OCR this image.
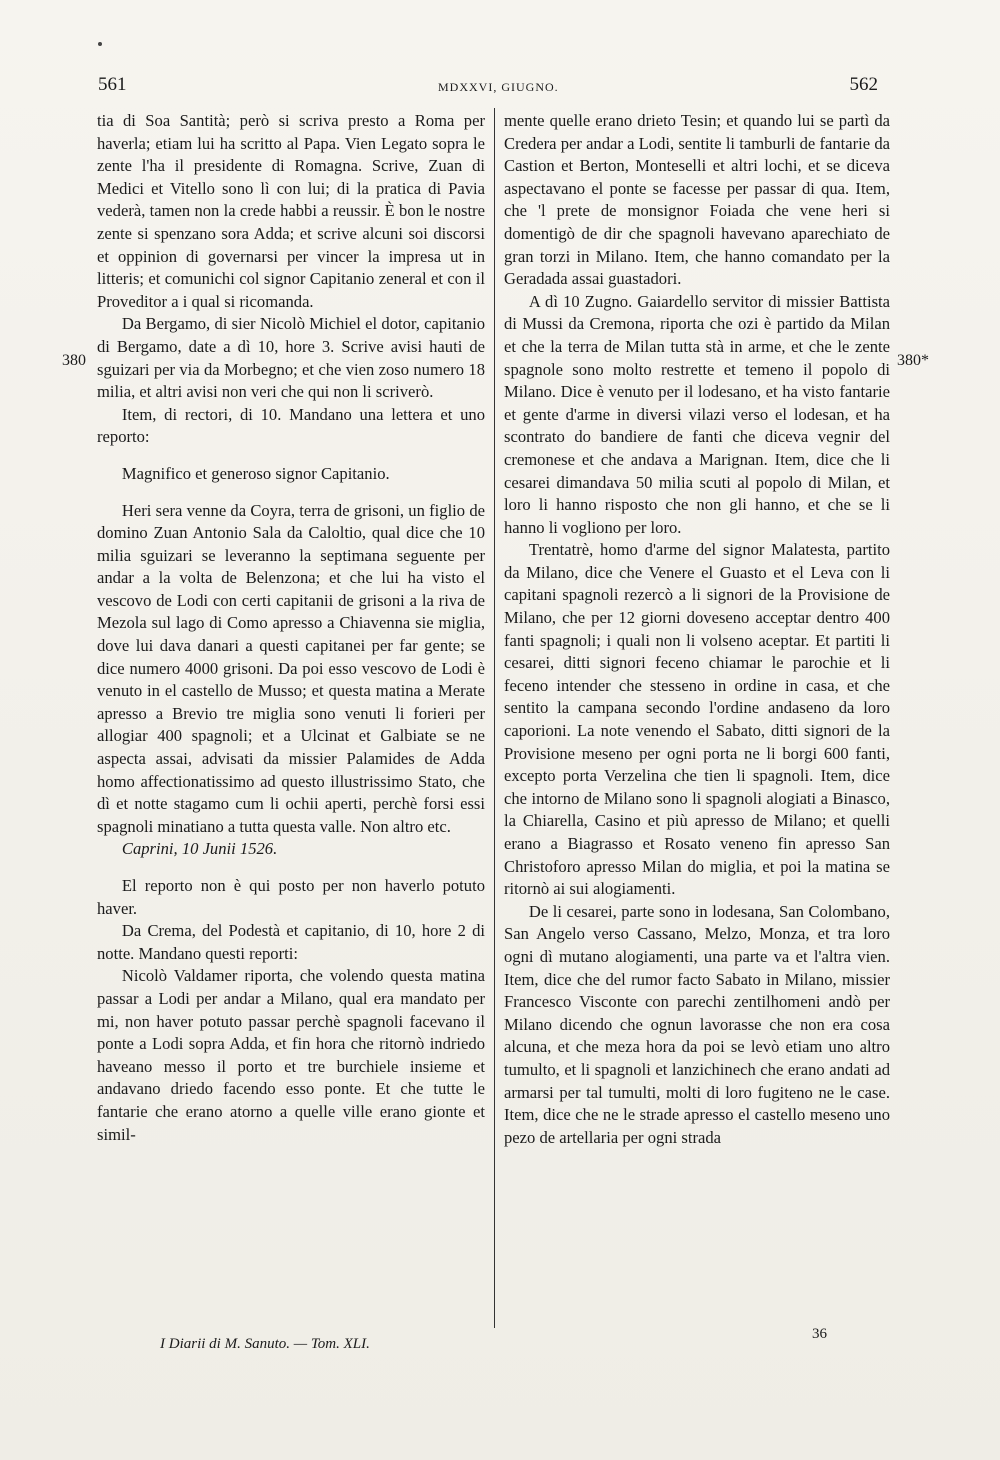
561	MDXXVI, GIUGNO.	562
380	380*

tia di Soa Santità; però si scriva presto a Roma per haverla; etiam lui ha scritto al Papa. Vien Legato sopra le zente l'ha il presidente di Romagna. Scrive, Zuan di Medici et Vitello sono lì con lui; di la pratica di Pavia vederà, tamen non la crede habbi a reussir. È bon le nostre zente si spenzano sora Adda; et scrive alcuni soi discorsi et oppinion di governarsi per vincer la impresa ut in litteris; et comunichi col signor Capitanio zeneral et con il Proveditor a i qual si ricomanda.

Da Bergamo, di sier Nicolò Michiel el dotor, capitanio di Bergamo, date a dì 10, hore 3. Scrive avisi hauti de sguizari per via da Morbegno; et che vien zoso numero 18 milia, et altri avisi non veri che qui non li scriverò.

Item, di rectori, di 10. Mandano una lettera et uno reporto:

Magnifico et generoso signor Capitanio.

Heri sera venne da Coyra, terra de grisoni, un figlio de domino Zuan Antonio Sala da Caloltio, qual dice che 10 milia sguizari se leveranno la septimana seguente per andar a la volta de Belenzona; et che lui ha visto el vescovo de Lodi con certi capitanii de grisoni a la riva de Mezola sul lago di Como apresso a Chiavenna sie miglia, dove lui dava danari a questi capitanei per far gente; se dice numero 4000 grisoni. Da poi esso vescovo de Lodi è venuto in el castello de Musso; et questa matina a Merate apresso a Brevio tre miglia sono venuti li forieri per allogiar 400 spagnoli; et a Ulcinat et Galbiate se ne aspecta assai, advisati da missier Palamides de Adda homo affectionatissimo ad questo illustrissimo Stato, che dì et notte stagamo cum li ochii aperti, perchè forsi essi spagnoli minatiano a tutta questa valle. Non altro etc.

Caprini, 10 Junii 1526.

El reporto non è qui posto per non haverlo potuto haver.

Da Crema, del Podestà et capitanio, di 10, hore 2 di notte. Mandano questi reporti:

Nicolò Valdamer riporta, che volendo questa matina passar a Lodi per andar a Milano, qual era mandato per mi, non haver potuto passar perchè spagnoli facevano il ponte a Lodi sopra Adda, et fin hora che ritornò indriedo haveano messo il porto et tre burchiele insieme et andavano driedo facendo esso ponte. Et che tutte le fantarie che erano atorno a quelle ville erano gionte et simil-

mente quelle erano drieto Tesin; et quando lui se partì da Credera per andar a Lodi, sentite li tamburli de fantarie da Castion et Berton, Monteselli et altri lochi, et se diceva aspectavano el ponte se facesse per passar di qua. Item, che 'l prete de monsignor Foiada che vene heri si domentigò de dir che spagnoli havevano aparechiato de gran torzi in Milano. Item, che hanno comandato per la Geradada assai guastadori.

A dì 10 Zugno. Gaiardello servitor di missier Battista di Mussi da Cremona, riporta che ozi è partido da Milan et che la terra de Milan tutta stà in arme, et che le zente spagnole sono molto restrette et temeno il popolo di Milano. Dice è venuto per il lodesano, et ha visto fantarie et gente d'arme in diversi vilazi verso el lodesan, et ha scontrato do bandiere de fanti che diceva vegnir del cremonese et che andava a Marignan. Item, dice che li cesarei dimandava 50 milia scuti al popolo di Milan, et loro li hanno risposto che non gli hanno, et che se li hanno li vogliono per loro.

Trentatrè, homo d'arme del signor Malatesta, partito da Milano, dice che Venere el Guasto et el Leva con li capitani spagnoli rezercò a li signori de la Provisione de Milano, che per 12 giorni doveseno acceptar dentro 400 fanti spagnoli; i quali non li volseno aceptar. Et partiti li cesarei, ditti signori feceno chiamar le parochie et li feceno intender che stesseno in ordine in casa, et che sentito la campana secondo l'ordine andaseno da loro caporioni. La note venendo el Sabato, ditti signori de la Provisione meseno per ogni porta ne li borgi 600 fanti, excepto porta Verzelina che tien li spagnoli. Item, dice che intorno de Milano sono li spagnoli alogiati a Binasco, la Chiarella, Casino et più apresso de Milano; et quelli erano a Biagrasso et Rosato veneno fin apresso San Christoforo apresso Milan do miglia, et poi la matina se ritornò ai sui alogiamenti.

De li cesarei, parte sono in lodesana, San Colombano, San Angelo verso Cassano, Melzo, Monza, et tra loro ogni dì mutano alogiamenti, una parte va et l'altra vien. Item, dice che del rumor facto Sabato in Milano, missier Francesco Visconte con parechi zentilhomeni andò per Milano dicendo che ognun lavorasse che non era cosa alcuna, et che meza hora da poi se levò etiam uno altro tumulto, et li spagnoli et lanzichinech che erano andati ad armarsi per tal tumulti, molti di loro fugiteno ne le case. Item, dice che ne le strade apresso el castello meseno uno pezo de artellaria per ogni strada

I Diarii di M. Sanuto. — Tom. XLI.
36
